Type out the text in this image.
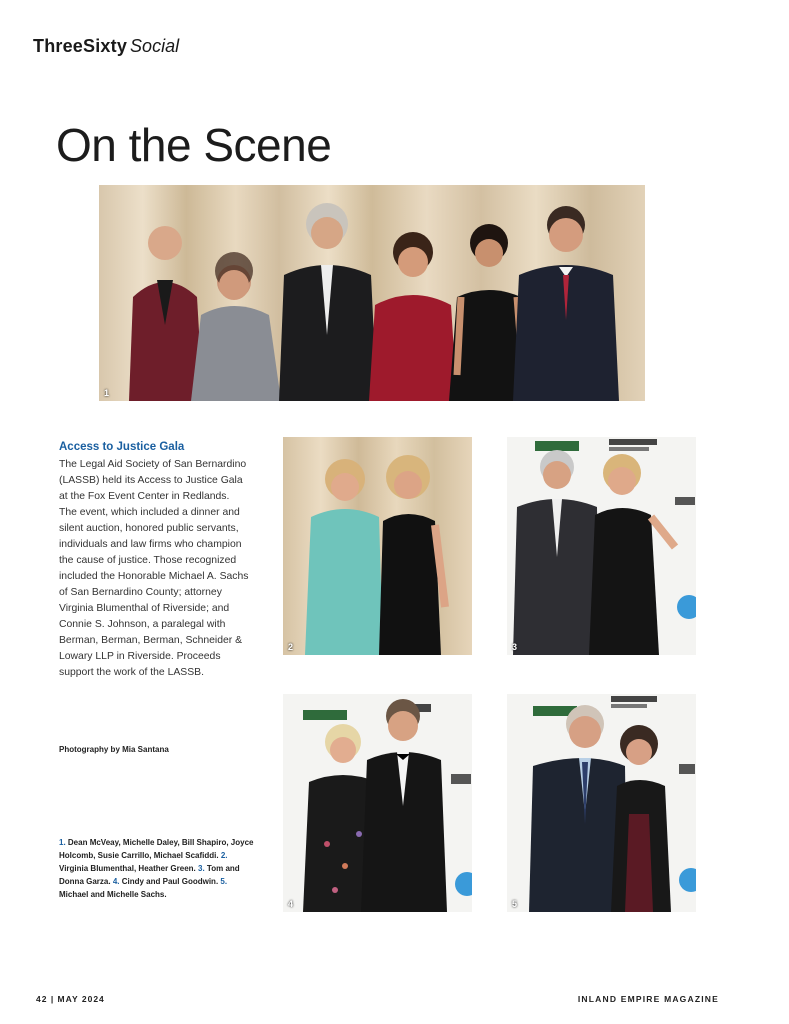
ThreeSixty Social
On the Scene
1
2	3
4	5
Access to Justice Gala

The Legal Aid Society of San Bernardino (LASSB) held its Access to Justice Gala at the Fox Event Center in Redlands. The event, which included a dinner and silent auction, honored public servants, individuals and law firms who champion the cause of justice. Those recognized included the Honorable Michael A. Sachs of San Bernardino County; attorney Virginia Blumenthal of Riverside; and Connie S. Johnson, a paralegal with Berman, Berman, Berman, Schneider & Lowary LLP in Riverside. Proceeds support the work of the LASSB.

Photography by Mia Santana
1. Dean McVeay, Michelle Daley, Bill Shapiro, Joyce Holcomb, Susie Carrillo, Michael Scafiddi. 2. Virginia Blumenthal, Heather Green. 3. Tom and Donna Garza. 4. Cindy and Paul Goodwin. 5. Michael and Michelle Sachs.
42 | MAY 2024	INLAND EMPIRE MAGAZINE
